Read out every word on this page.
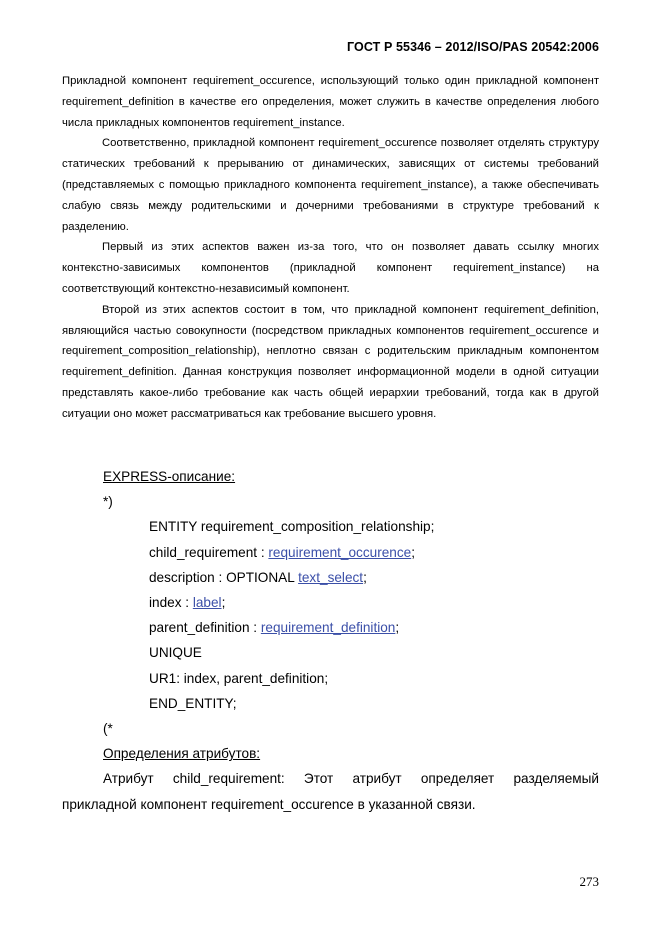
ГОСТ Р 55346 – 2012/ISO/PAS 20542:2006

Прикладной компонент requirement_occurence, использующий только один прикладной компонент requirement_definition в качестве его определения, может служить в качестве определения любого числа прикладных компонентов requirement_instance.

Соответственно, прикладной компонент requirement_occurence позволяет отделять структуру статических требований к прерыванию от динамических, зависящих от системы требований (представляемых с помощью прикладного компонента requirement_instance), а также обеспечивать слабую связь между родительскими и дочерними требованиями в структуре требований к разделению.

Первый из этих аспектов важен из-за того, что он позволяет давать ссылку многих контекстно-зависимых компонентов (прикладной компонент requirement_instance) на соответствующий контекстно-независимый компонент.

Второй из этих аспектов состоит в том, что прикладной компонент requirement_definition, являющийся частью совокупности (посредством прикладных компонентов requirement_occurence и requirement_composition_relationship), неплотно связан с родительским прикладным компонентом requirement_definition. Данная конструкция позволяет информационной модели в одной ситуации представлять какое-либо требование как часть общей иерархии требований, тогда как в другой ситуации оно может рассматриваться как требование высшего уровня.

EXPRESS-описание:

*)

ENTITY requirement_composition_relationship;

child_requirement : requirement_occurence;

description : OPTIONAL text_select;

index : label;

parent_definition : requirement_definition;

UNIQUE

UR1: index, parent_definition;

END_ENTITY;

(*

Определения атрибутов:

Атрибут child_requirement: Этот атрибут определяет разделяемый прикладной компонент requirement_occurence в указанной связи.

273
